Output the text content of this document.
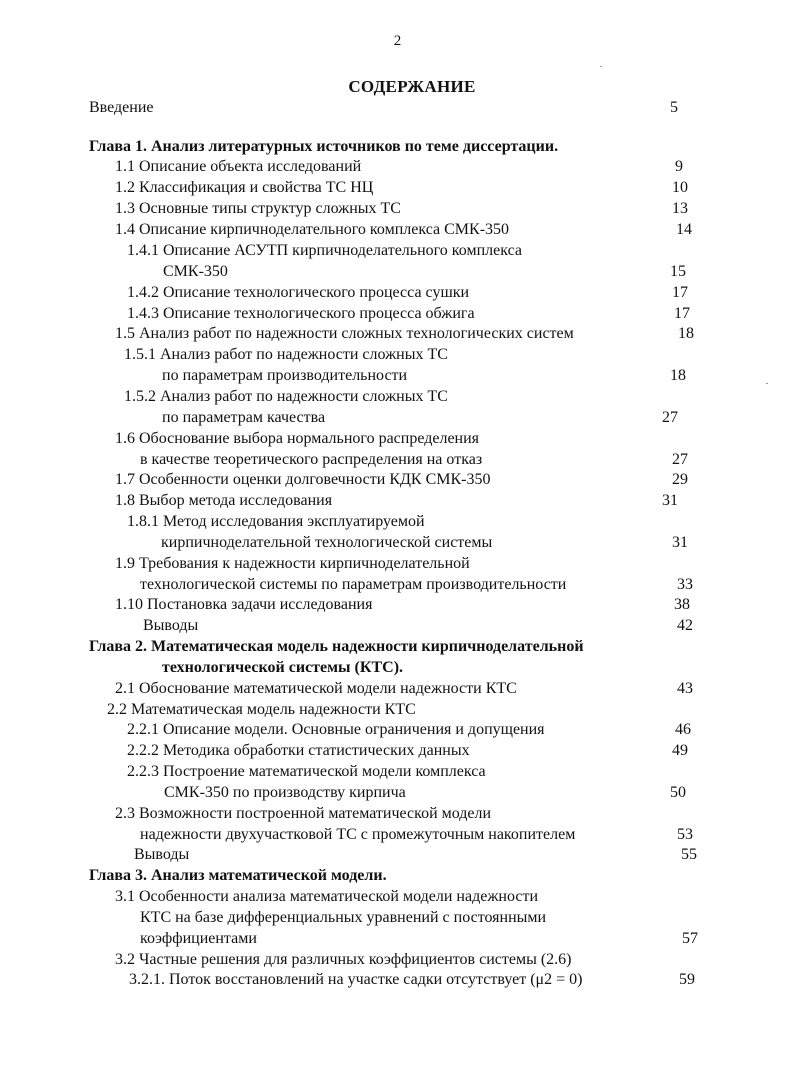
2
СОДЕРЖАНИЕ
Введение	5
Глава 1. Анализ литературных источников по теме диссертации.
1.1 Описание объекта исследований	9
1.2 Классификация и свойства ТС НЦ	10
1.3 Основные типы структур сложных ТС	13
1.4 Описание кирпичноделательного комплекса СМК-350	14
1.4.1 Описание АСУТП кирпичноделательного комплекса
СМК-350	15
1.4.2 Описание технологического процесса сушки	17
1.4.3 Описание технологического процесса обжига	17
1.5 Анализ работ по надежности сложных технологических систем	18
1.5.1 Анализ работ по надежности сложных ТС
по параметрам производительности	18
1.5.2 Анализ работ по надежности сложных ТС
по параметрам качества	27
1.6 Обоснование выбора нормального распределения
в качестве теоретического распределения на отказ	27
1.7 Особенности оценки долговечности КДК СМК-350	29
1.8 Выбор метода исследования	31
1.8.1 Метод исследования эксплуатируемой
кирпичноделательной технологической системы	31
1.9 Требования к надежности кирпичноделательной
технологической системы по параметрам производительности	33
1.10 Постановка задачи исследования	38
Выводы	42
Глава 2. Математическая модель надежности кирпичноделательной
технологической системы (КТС).
2.1 Обоснование математической модели надежности КТС	43
2.2 Математическая модель надежности КТС
2.2.1 Описание модели. Основные ограничения и допущения	46
2.2.2 Методика обработки статистических данных	49
2.2.3 Построение математической модели комплекса
СМК-350 по производству кирпича	50
2.3 Возможности построенной математической модели
надежности двухучастковой ТС с промежуточным накопителем	53
Выводы	55
Глава 3. Анализ математической модели.
3.1 Особенности анализа математической модели надежности
КТС на базе дифференциальных уравнений с постоянными
коэффициентами	57
3.2 Частные решения для различных коэффициентов системы (2.6)
3.2.1. Поток восстановлений на участке садки отсутствует (μ2 = 0)	59
